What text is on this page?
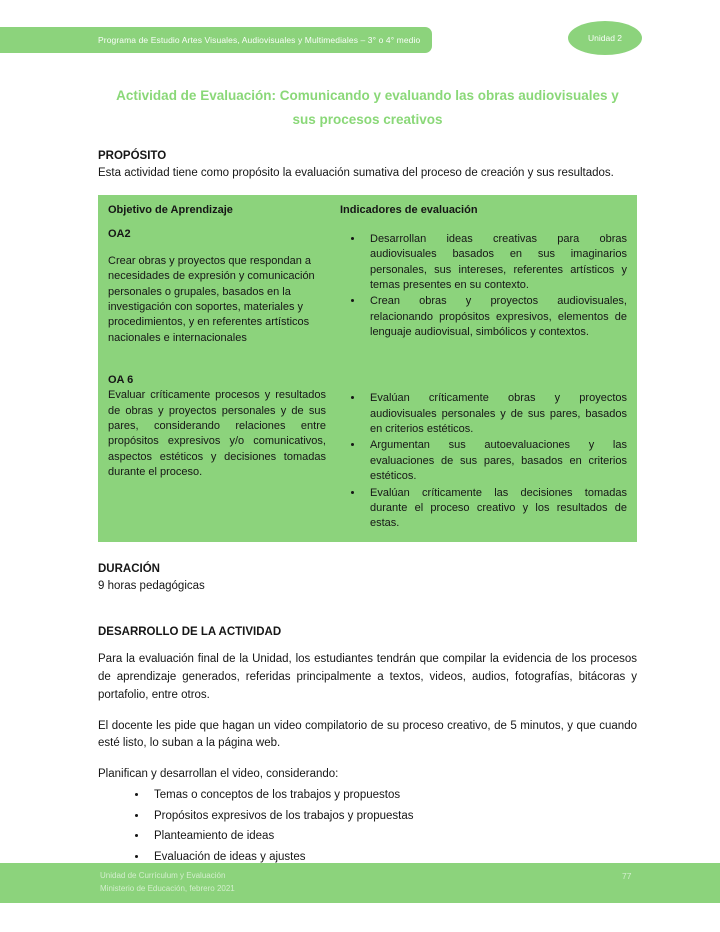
Programa de Estudio Artes Visuales, Audiovisuales y Multimediales – 3° o 4° medio	Unidad 2
Actividad de Evaluación: Comunicando y evaluando las obras audiovisuales y
sus procesos creativos
PROPÓSITO
Esta actividad tiene como propósito la evaluación sumativa del proceso de creación y sus resultados.
Objetivo de Aprendizaje	Indicadores de evaluación
OA2
Crear obras y proyectos que respondan a necesidades de expresión y comunicación personales o grupales, basados en la investigación con soportes, materiales y procedimientos, y en referentes artísticos nacionales e internacionales
• Desarrollan ideas creativas para obras audiovisuales basados en sus imaginarios personales, sus intereses, referentes artísticos y temas presentes en su contexto.
• Crean obras y proyectos audiovisuales, relacionando propósitos expresivos, elementos de lenguaje audiovisual, simbólicos y contextos.
OA 6
Evaluar críticamente procesos y resultados de obras y proyectos personales y de sus pares, considerando relaciones entre propósitos expresivos y/o comunicativos, aspectos estéticos y decisiones tomadas durante el proceso.
• Evalúan críticamente obras y proyectos audiovisuales personales y de sus pares, basados en criterios estéticos.
• Argumentan sus autoevaluaciones y las evaluaciones de sus pares, basados en criterios estéticos.
• Evalúan críticamente las decisiones tomadas durante el proceso creativo y los resultados de estas.
DURACIÓN
9 horas pedagógicas
DESARROLLO DE LA ACTIVIDAD
Para la evaluación final de la Unidad, los estudiantes tendrán que compilar la evidencia de los procesos de aprendizaje generados, referidas principalmente a textos, videos, audios, fotografías, bitácoras y portafolio, entre otros.
El docente les pide que hagan un video compilatorio de su proceso creativo, de 5 minutos, y que cuando esté listo, lo suban a la página web.
Planifican y desarrollan el video, considerando:
• Temas o conceptos de los trabajos y propuestos
• Propósitos expresivos de los trabajos y propuestas
• Planteamiento de ideas
• Evaluación de ideas y ajustes
Unidad de Currículum y Evaluación
Ministerio de Educación, febrero 2021
77
